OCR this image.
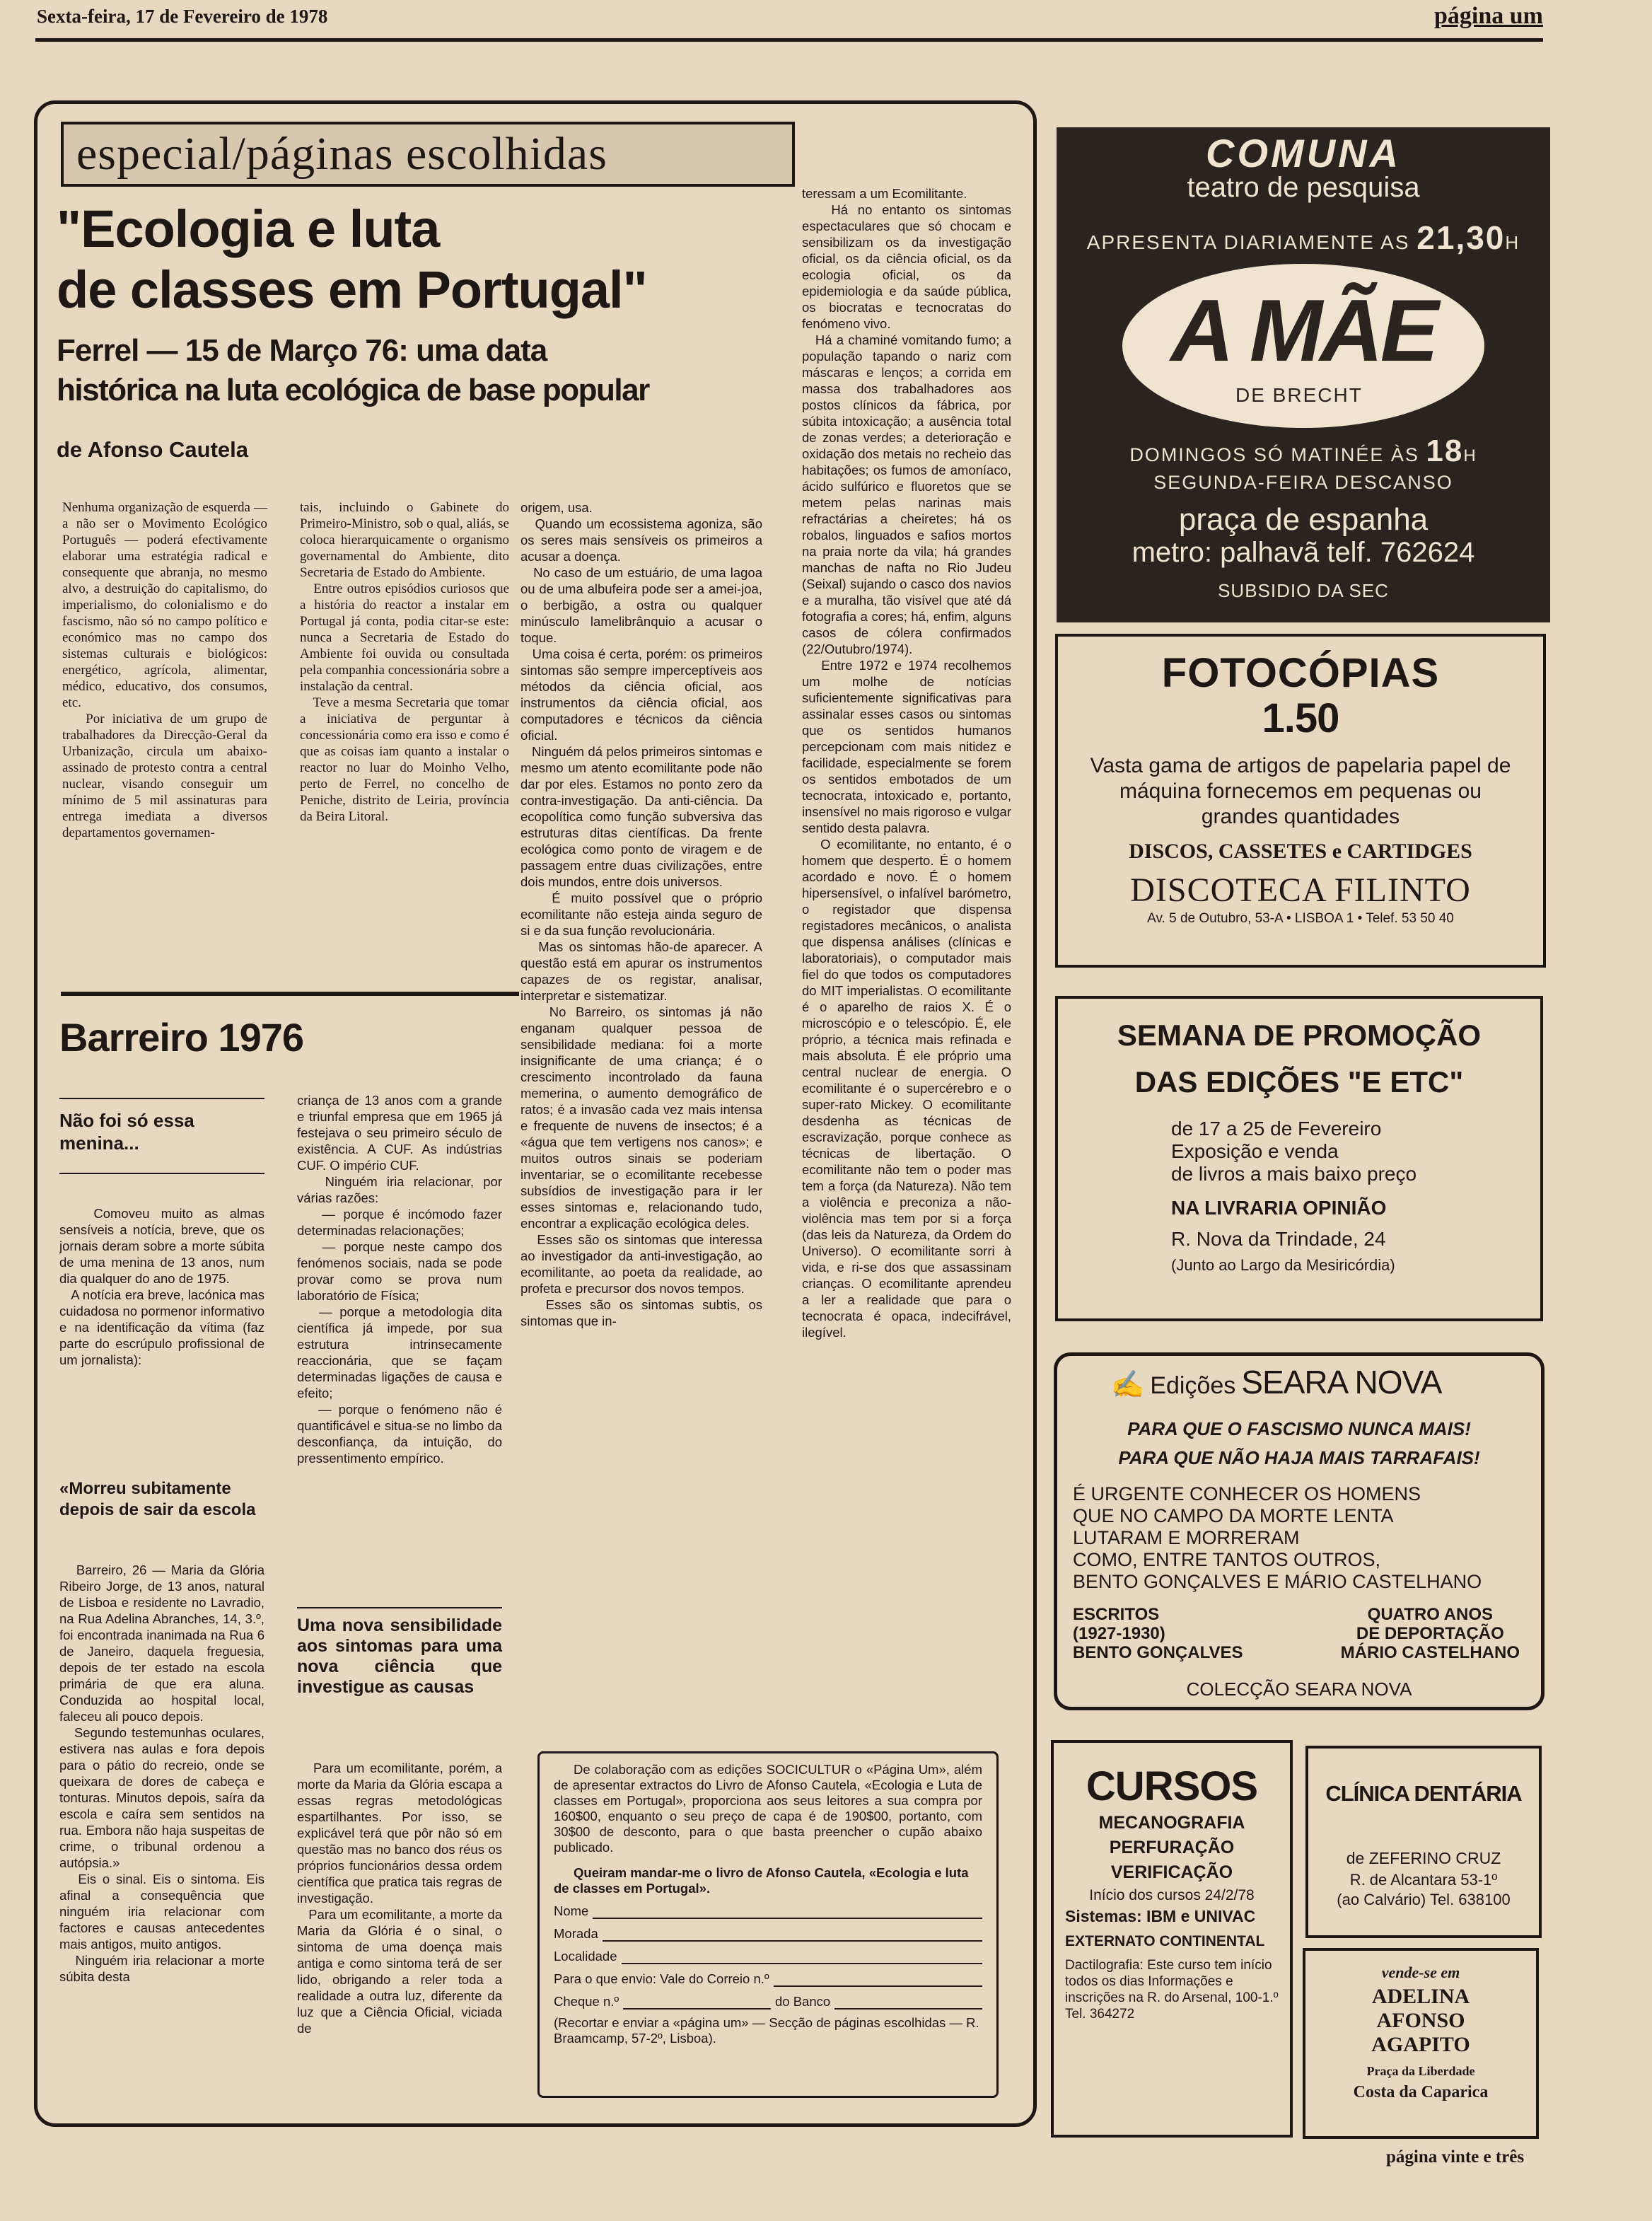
Sexta-feira, 17 de Fevereiro de 1978	página um
especial/páginas escolhidas
"Ecologia e luta
de classes em Portugal"
Ferrel — 15 de Março 76: uma data
histórica na luta ecológica de base popular
de Afonso Cautela
Nenhuma organização de esquerda — a não ser o Movimento Ecológico Português — poderá efectivamente elaborar uma estratégia radical e consequente que abranja, no mesmo alvo, a destruição do capitalismo, do imperialismo, do colonialismo e do fascismo, não só no campo político e económico mas no campo dos sistemas culturais e biológicos: energético, agrícola, alimentar, médico, educativo, dos consumos, etc.
Por iniciativa de um grupo de trabalhadores da Direcção-Geral da Urbanização, circula um abaixo-assinado de protesto contra a central nuclear, visando conseguir um mínimo de 5 mil assinaturas para entrega imediata a diversos departamentos governamen-
tais, incluindo o Gabinete do Primeiro-Ministro, sob o qual, aliás, se coloca hierarquicamente o organismo governamental do Ambiente, dito Secretaria de Estado do Ambiente.
Entre outros episódios curiosos que a história do reactor a instalar em Portugal já conta, podia citar-se este: nunca a Secretaria de Estado do Ambiente foi ouvida ou consultada pela companhia concessionária sobre a instalação da central.
Teve a mesma Secretaria que tomar a iniciativa de perguntar à concessionária como era isso e como é que as coisas iam quanto a instalar o reactor no luar do Moinho Velho, perto de Ferrel, no concelho de Peniche, distrito de Leiria, província da Beira Litoral.
origem, usa.
Quando um ecossistema agoniza, são os seres mais sensíveis os primeiros a acusar a doença.
No caso de um estuário, de uma lagoa ou de uma albufeira pode ser a amei-joa, o berbigão, a ostra ou qualquer minúsculo lamelibrânquio a acusar o toque.
Uma coisa é certa, porém: os primeiros sintomas são sempre imperceptíveis aos métodos da ciência oficial, aos instrumentos da ciência oficial, aos computadores e técnicos da ciência oficial.
Ninguém dá pelos primeiros sintomas e mesmo um atento ecomilitante pode não dar por eles. Estamos no ponto zero da contra-investigação. Da anti-ciência. Da ecopolítica como função subversiva das estruturas ditas científicas. Da frente ecológica como ponto de viragem e de passagem entre duas civilizações, entre dois mundos, entre dois universos.
É muito possível que o próprio ecomilitante não esteja ainda seguro de si e da sua função revolucionária.
Mas os sintomas hão-de aparecer. A questão está em apurar os instrumentos capazes de os registar, analisar, interpretar e sistematizar.
No Barreiro, os sintomas já não enganam qualquer pessoa de sensibilidade mediana: foi a morte insignificante de uma criança; é o crescimento incontrolado da fauna memerina, o aumento demográfico de ratos; é a invasão cada vez mais intensa e frequente de nuvens de insectos; é a «água que tem vertigens nos canos»; e muitos outros sinais se poderiam inventariar, se o ecomilitante recebesse subsídios de investigação para ir ler esses sintomas e, relacionando tudo, encontrar a explicação ecológica deles.
Esses são os sintomas que interessa ao investigador da anti-investigação, ao ecomilitante, ao poeta da realidade, ao profeta e precursor dos novos tempos.
Esses são os sintomas subtis, os sintomas que in-
teressam a um Ecomilitante.
Há no entanto os sintomas espectaculares que só chocam e sensibilizam os da investigação oficial, os da ciência oficial, os da ecologia oficial, os da epidemiologia e da saúde pública, os biocratas e tecnocratas do fenómeno vivo.
Há a chaminé vomitando fumo; a população tapando o nariz com máscaras e lenços; a corrida em massa dos trabalhadores aos postos clínicos da fábrica, por súbita intoxicação; a ausência total de zonas verdes; a deterioração e oxidação dos metais no recheio das habitações; os fumos de amoníaco, ácido sulfúrico e fluoretos que se metem pelas narinas mais refractárias a cheiretes; há os robalos, linguados e safios mortos na praia norte da vila; há grandes manchas de nafta no Rio Judeu (Seixal) sujando o casco dos navios e a muralha, tão visível que até dá fotografia a cores; há, enfim, alguns casos de cólera confirmados (22/Outubro/1974).
Entre 1972 e 1974 recolhemos um molhe de notícias suficientemente significativas para assinalar esses casos ou sintomas que os sentidos humanos percepcionam com mais nitidez e facilidade, especialmente se forem os sentidos embotados de um tecnocrata, intoxicado e, portanto, insensível no mais rigoroso e vulgar sentido desta palavra.
O ecomilitante, no entanto, é o homem que desperto. É o homem acordado e novo. É o homem hipersensível, o infalível barómetro, o registador que dispensa registadores mecânicos, o analista que dispensa análises (clínicas e laboratoriais), o computador mais fiel do que todos os computadores do MIT imperialistas. O ecomilitante é o aparelho de raios X. É o microscópio e o telescópio. É, ele próprio, a técnica mais refinada e mais absoluta. É ele próprio uma central nuclear de energia. O ecomilitante é o supercérebro e o super-rato Mickey. O ecomilitante desdenha as técnicas de escravização, porque conhece as técnicas de libertação. O ecomilitante não tem o poder mas tem a força (da Natureza). Não tem a violência e preconiza a não-violência mas tem por si a força (das leis da Natureza, da Ordem do Universo). O ecomilitante sorri à vida, e ri-se dos que assassinam crianças. O ecomilitante aprendeu a ler a realidade que para o tecnocrata é opaca, indecifrável, ilegível.
Barreiro 1976
Não foi só essa menina...
Comoveu muito as almas sensíveis a notícia, breve, que os jornais deram sobre a morte súbita de uma menina de 13 anos, num dia qualquer do ano de 1975.
A notícia era breve, lacónica mas cuidadosa no pormenor informativo e na identificação da vítima (faz parte do escrúpulo profissional de um jornalista):
«Morreu subitamente depois de sair da escola
Barreiro, 26 — Maria da Glória Ribeiro Jorge, de 13 anos, natural de Lisboa e residente no Lavradio, na Rua Adelina Abranches, 14, 3.º, foi encontrada inanimada na Rua 6 de Janeiro, daquela freguesia, depois de ter estado na escola primária de que era aluna. Conduzida ao hospital local, faleceu ali pouco depois.
Segundo testemunhas oculares, estivera nas aulas e fora depois para o pátio do recreio, onde se queixara de dores de cabeça e tonturas. Minutos depois, saíra da escola e caíra sem sentidos na rua. Embora não haja suspeitas de crime, o tribunal ordenou a autópsia.»
Eis o sinal. Eis o sintoma. Eis afinal a consequência que ninguém iria relacionar com factores e causas antecedentes mais antigos, muito antigos.
Ninguém iria relacionar a morte súbita desta
criança de 13 anos com a grande e triunfal empresa que em 1965 já festejava o seu primeiro século de existência. A CUF. As indústrias CUF. O império CUF.
Ninguém iria relacionar, por várias razões:
— porque é incómodo fazer determinadas relacionações;
— porque neste campo dos fenómenos sociais, nada se pode provar como se prova num laboratório de Física;
— porque a metodologia dita científica já impede, por sua estrutura intrinsecamente reaccionária, que se façam determinadas ligações de causa e efeito;
— porque o fenómeno não é quantificável e situa-se no limbo da desconfiança, da intuição, do pressentimento empírico.
Uma nova sensibilidade aos sintomas para uma nova ciência que investigue as causas
Para um ecomilitante, porém, a morte da Maria da Glória escapa a essas regras metodológicas espartilhantes. Por isso, se explicável terá que pôr não só em questão mas no banco dos réus os próprios funcionários dessa ordem científica que pratica tais regras de investigação.
Para um ecomilitante, a morte da Maria da Glória é o sinal, o sintoma de uma doença mais antiga e como sintoma terá de ser lido, obrigando a reler toda a realidade a outra luz, diferente da luz que a Ciência Oficial, viciada de
De colaboração com as edições SOCICULTUR o «Página Um», além de apresentar extractos do Livro de Afonso Cautela, «Ecologia e Luta de classes em Portugal», proporciona aos seus leitores a sua compra por 160$00, enquanto o seu preço de capa é de 190$00, portanto, com 30$00 de desconto, para o que basta preencher o cupão abaixo publicado.
Queiram mandar-me o livro de Afonso Cautela, «Ecologia e luta de classes em Portugal».
Nome
Morada
Localidade
Para o que envio: Vale do Correio n.º
Cheque n.º	do Banco
(Recortar e enviar a «página um» — Secção de páginas escolhidas — R. Braamcamp, 57-2º, Lisboa).
COMUNA
teatro de pesquisa
APRESENTA DIARIAMENTE AS 21,30H
A MÃE
DE BRECHT
DOMINGOS SÓ MATINÉE ÀS 18H
SEGUNDA-FEIRA DESCANSO
praça de espanha
metro: palhavã telf. 762624
SUBSIDIO DA SEC
FOTOCÓPIAS
1.50
Vasta gama de artigos de papelaria papel de máquina fornecemos em pequenas ou grandes quantidades
DISCOS, CASSETES e CARTIDGES
DISCOTECA FILINTO
Av. 5 de Outubro, 53-A • LISBOA 1 • Telef. 53 50 40
SEMANA DE PROMOÇÃO
DAS EDIÇÕES "E ETC"
de 17 a 25 de Fevereiro
Exposição e venda
de livros a mais baixo preço
NA LIVRARIA OPINIÃO
R. Nova da Trindade, 24
(Junto ao Largo da Mesiricórdia)
✍ Edições SEARA NOVA
PARA QUE O FASCISMO NUNCA MAIS!
PARA QUE NÃO HAJA MAIS TARRAFAIS!
É URGENTE CONHECER OS HOMENS
QUE NO CAMPO DA MORTE LENTA
LUTARAM E MORRERAM
COMO, ENTRE TANTOS OUTROS,
BENTO GONÇALVES E MÁRIO CASTELHANO
ESCRITOS
(1927-1930)
BENTO GONÇALVES
QUATRO ANOS
DE DEPORTAÇÃO
MÁRIO CASTELHANO
COLECÇÃO SEARA NOVA
CURSOS
MECANOGRAFIA
PERFURAÇÃO
VERIFICAÇÃO
Início dos cursos 24/2/78
Sistemas: IBM e UNIVAC
EXTERNATO CONTINENTAL
Dactilografia: Este curso tem início todos os dias Informações e inscrições na R. do Arsenal, 100-1.º Tel. 364272
CLÍNICA DENTÁRIA
de ZEFERINO CRUZ
R. de Alcantara 53-1º
(ao Calvário) Tel. 638100
vende-se em
ADELINA
AFONSO
AGAPITO
Praça da Liberdade
Costa da Caparica
página vinte e três
